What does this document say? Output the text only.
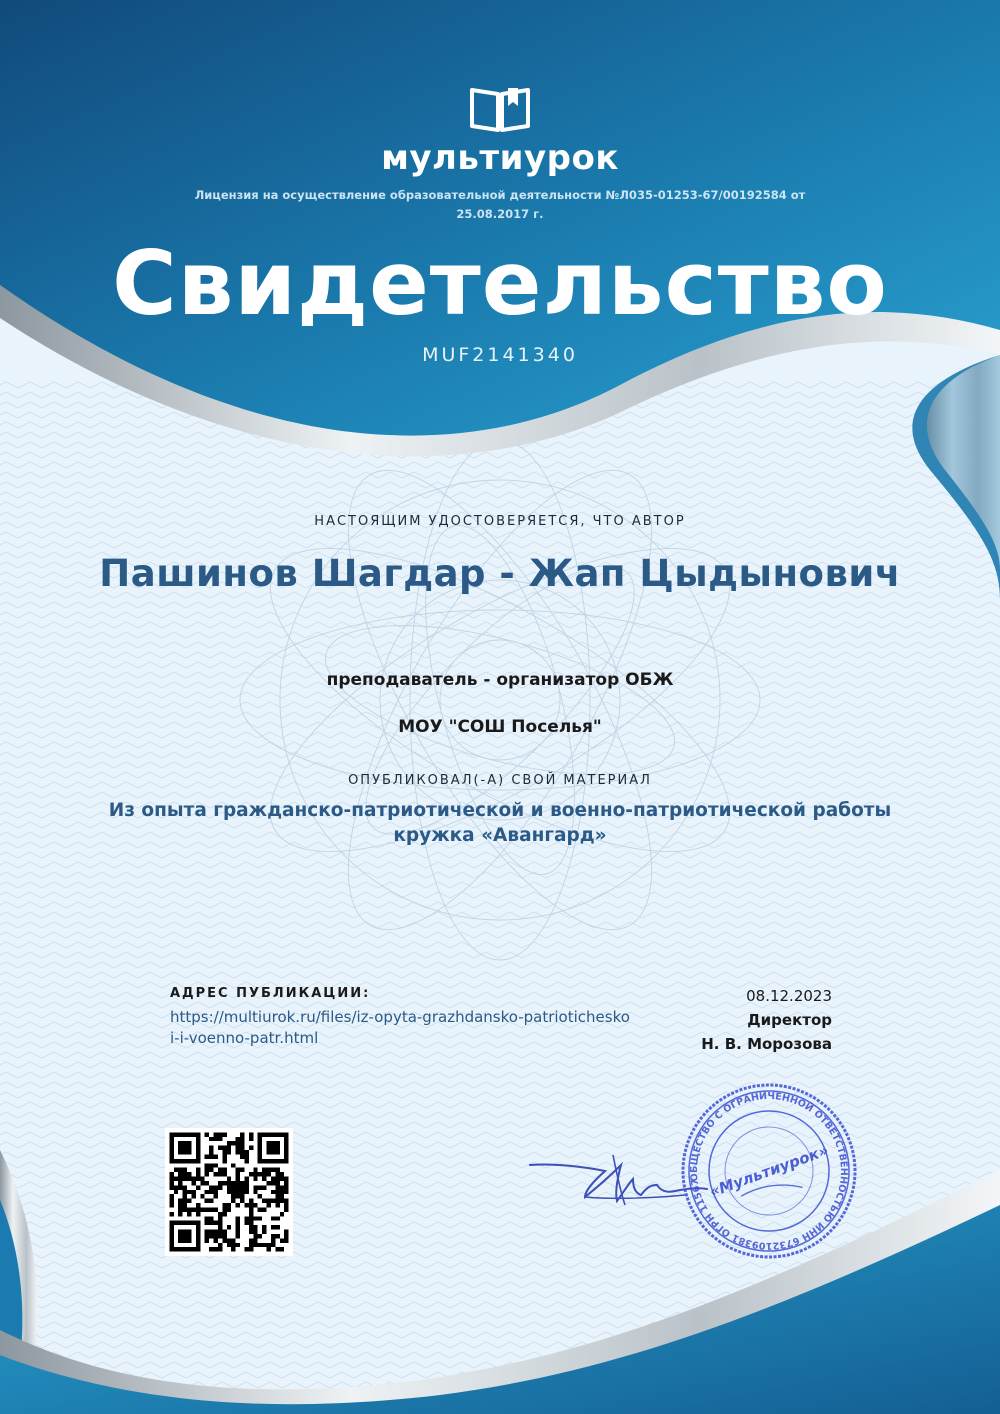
мультиурок
Лицензия на осуществление образовательной деятельности №Л035-01253-67/00192584 от 25.08.2017 г.
Свидетельство
MUF2141340
НАСТОЯЩИМ УДОСТОВЕРЯЕТСЯ, ЧТО АВТОР
Пашинов Шагдар - Жап Цыдынович
преподаватель - организатор ОБЖ
МОУ "СОШ Поселья"
ОПУБЛИКОВАЛ(-А) СВОЙ МАТЕРИАЛ
Из опыта гражданско-патриотической и военно-патриотической работы кружка «Авангард»
АДРЕС ПУБЛИКАЦИИ:
https://multiurok.ru/files/iz-opyta-grazhdansko-patrioticheskoi-i-voenno-patr.html
08.12.2023
Директор
Н. В. Морозова
ОБЩЕСТВО С ОГРАНИЧЕННОЙ ОТВЕТСТВЕННОСТЬЮ ИНН 6732109381 ОГРН 1156733012732
«Мультиурок»
